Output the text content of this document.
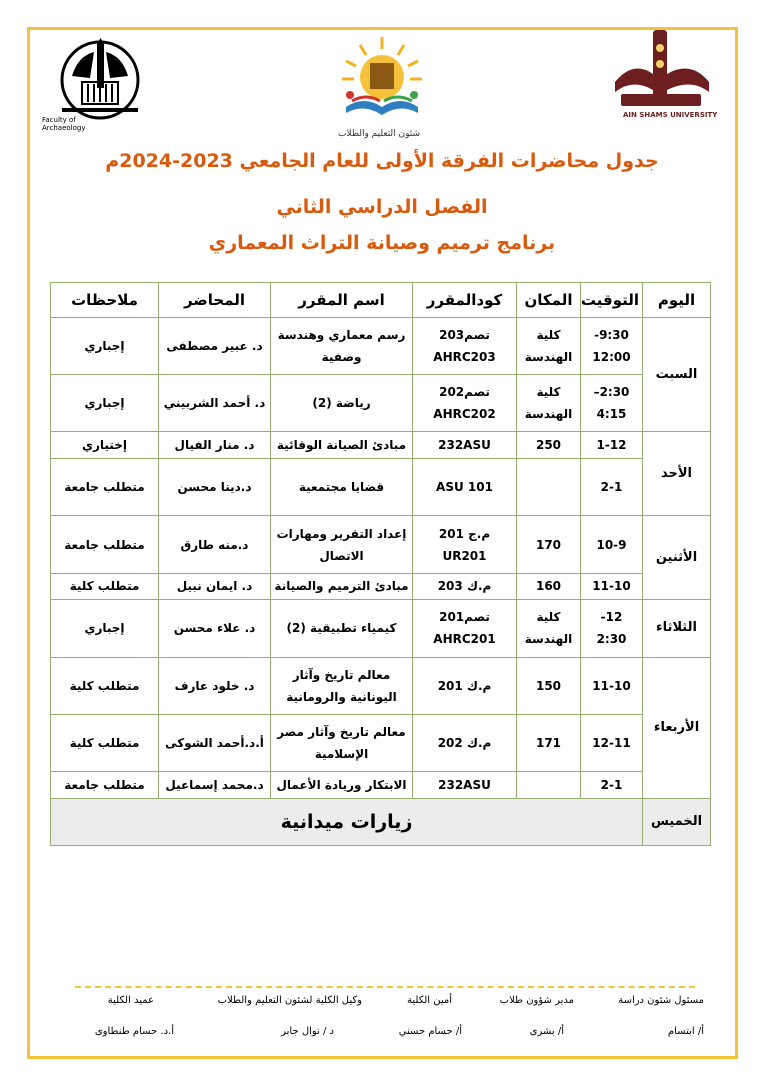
Faculty of
Archaeology
شئون التعليم والطلاب
AIN SHAMS UNIVERSITY
جدول محاضرات الفرقة الأولى للعام الجامعي 2023-2024م
الفصل الدراسي الثاني
برنامج ترميم وصيانة التراث المعماري
اليوم	التوقيت	المكان	كودالمقرر	اسم المقرر	المحاضر	ملاحظات
السبت	9:30- 12:00	كلية الهندسة	تصم203 AHRC203	رسم معماري وهندسة وصفية	د. عبير مصطفى	إجباري
	2:30– 4:15	كلية الهندسة	تصم202 AHRC202	رياضة (2)	د. أحمد الشربيني	إجباري
الأحد	1-12	250	232ASU	مبادئ الصيانة الوقائية	د. منار الفيال	إختياري
	2-1		ASU 101	قضايا مجتمعية	د.دينا محسن	متطلب جامعة
الأثنين	10-9	170	م.ج 201 UR201	إعداد التقرير ومهارات الاتصال	د.منه طارق	متطلب جامعة
	11-10	160	م.ك 203	مبادئ الترميم والصيانة	د. ايمان نبيل	متطلب كلية
الثلاثاء	12- 2:30	كلية الهندسة	تصم201 AHRC201	كيمياء تطبيقية (2)	د. علاء محسن	إجباري
الأربعاء	11-10	150	م.ك 201	معالم تاريخ وآثار اليونانية والرومانية	د. خلود عارف	متطلب كلية
	12-11	171	م.ك 202	معالم تاريخ وآثار مصر الإسلامية	أ.د.أحمد الشوكى	متطلب كلية
	2-1		232ASU	الابتكار وريادة الأعمال	د.محمد إسماعيل	متطلب جامعة
الخميس	زيارات ميدانية					
مسئول شئون دراسة
مدير شؤون طلاب
أمين الكلية
وكيل الكلية لشئون التعليم والطلاب
عميد الكلية
أ/ ابتسام
أ/ بشرى
أ/ حسام حسني
د / نوال جابر
أ.د. حسام طنطاوى
